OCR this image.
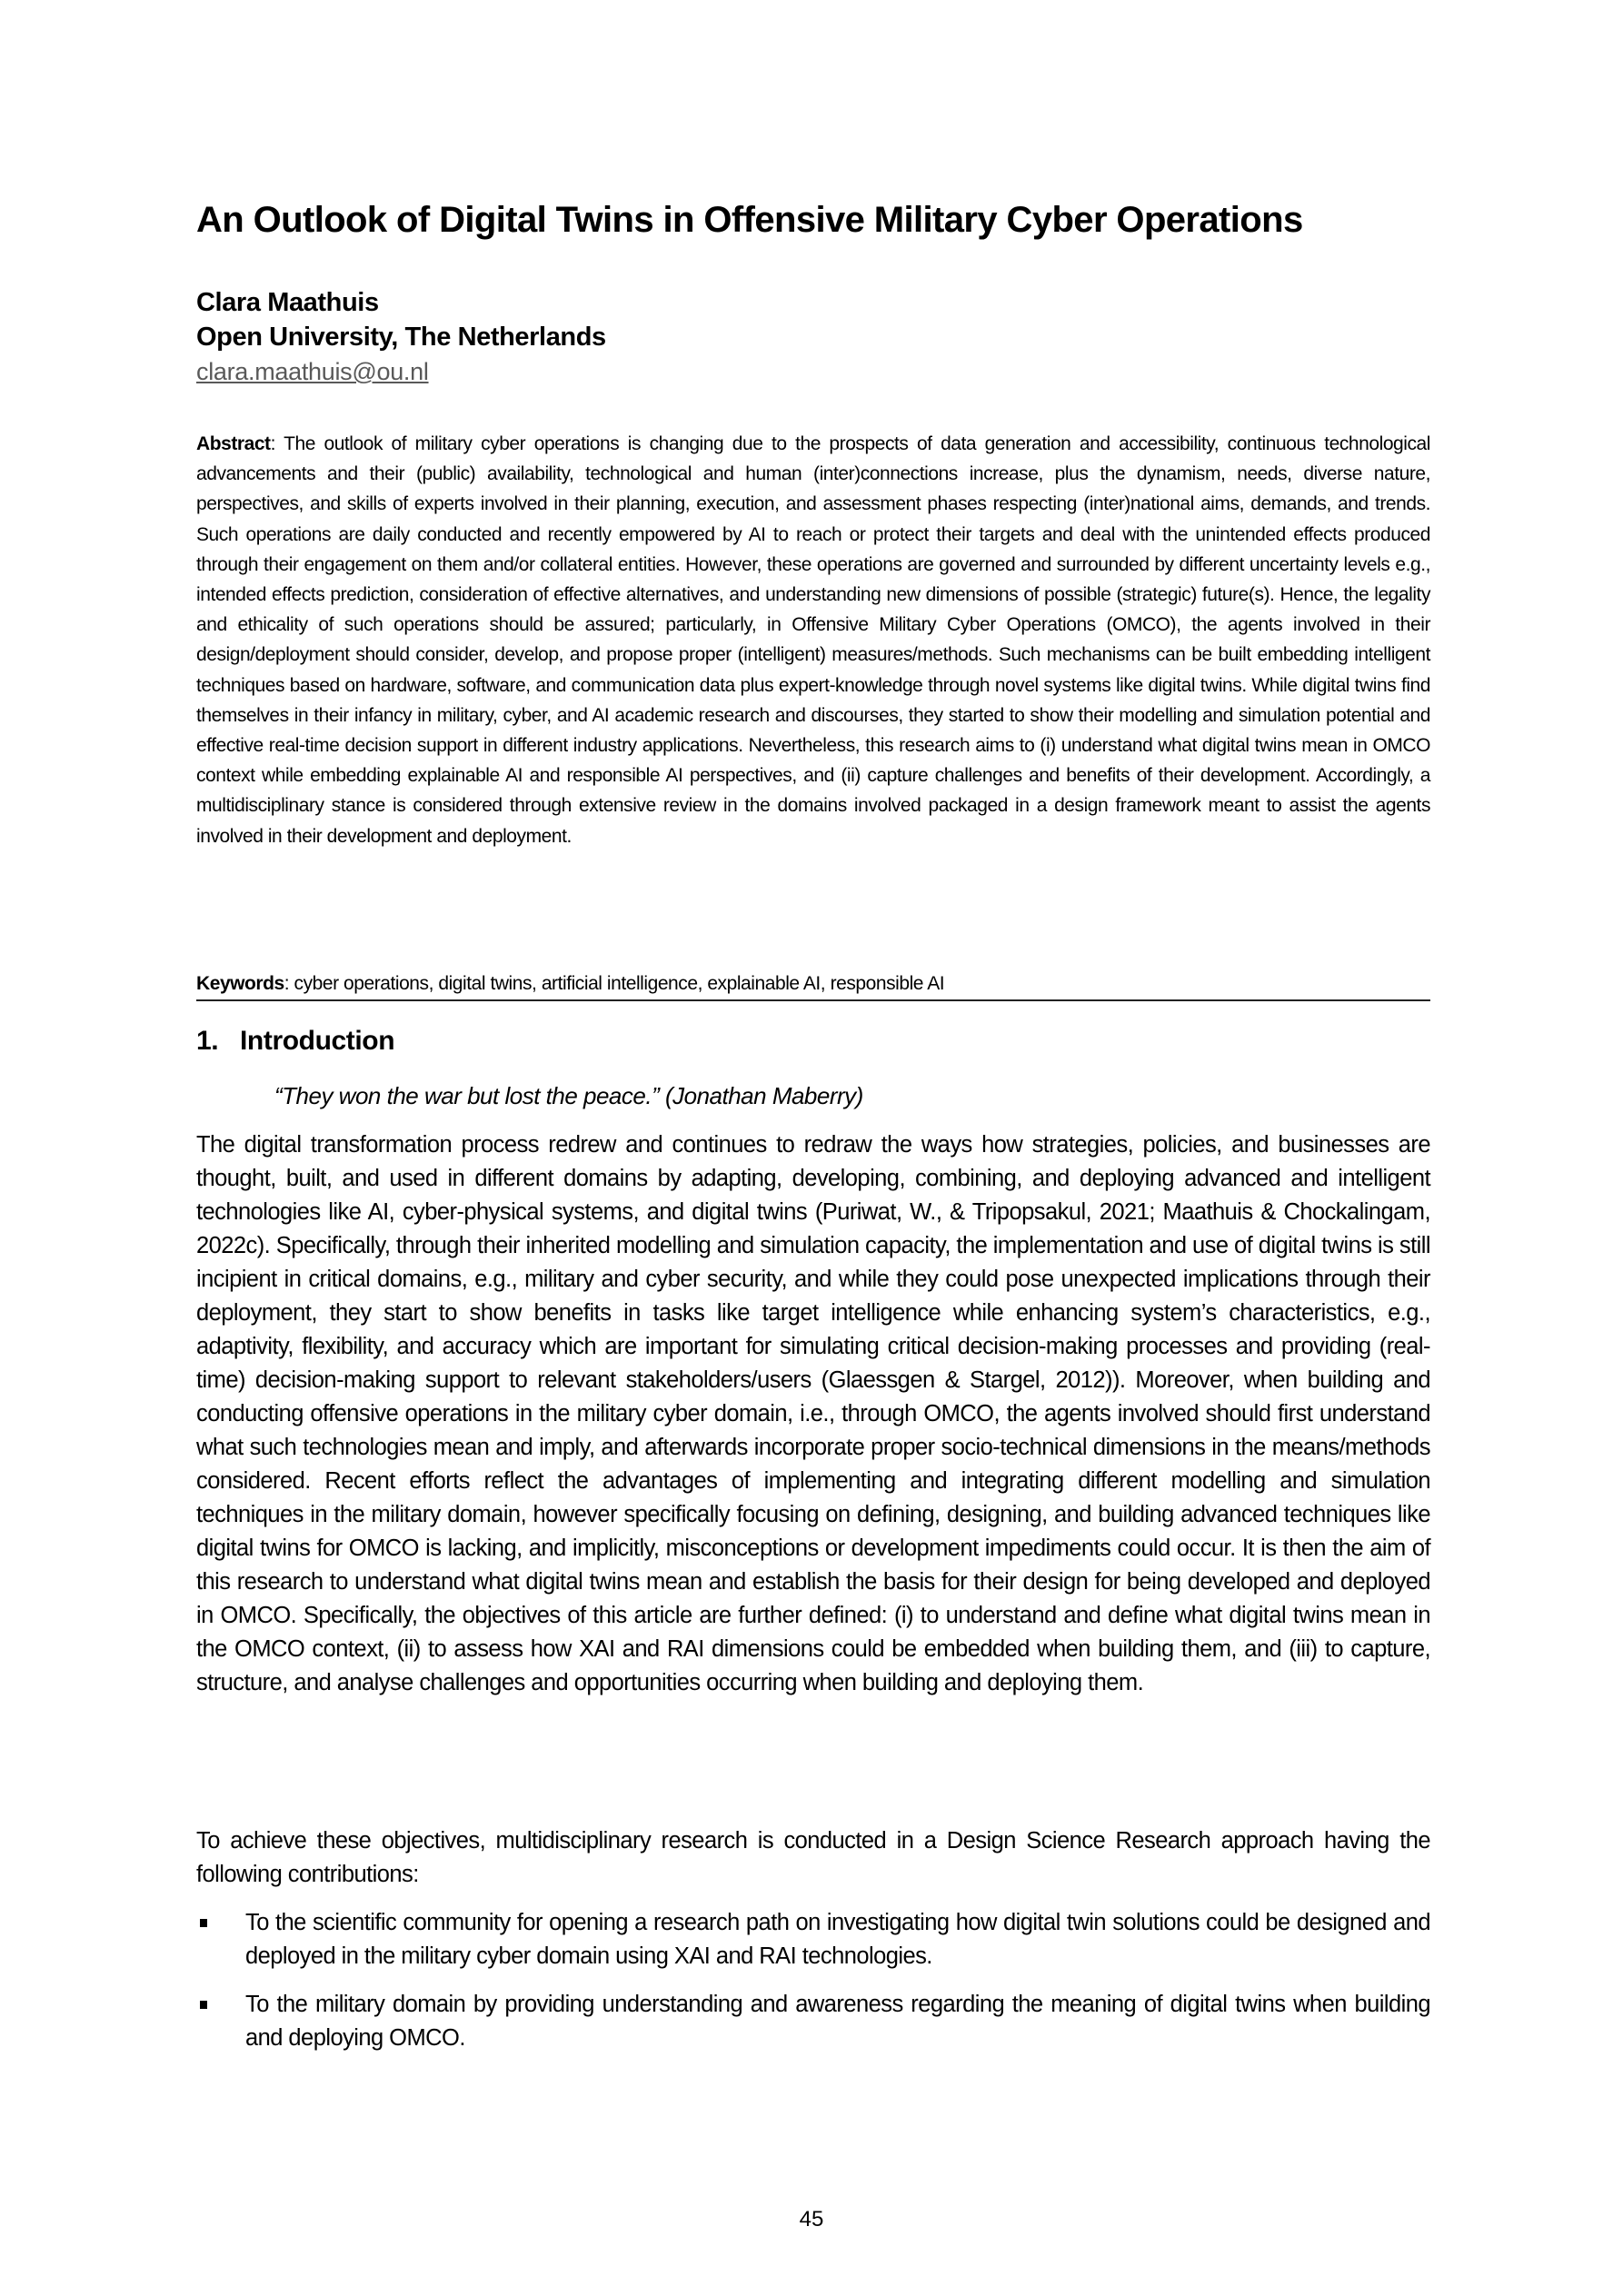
An Outlook of Digital Twins in Offensive Military Cyber Operations
Clara Maathuis
Open University, The Netherlands
clara.maathuis@ou.nl

Abstract: The outlook of military cyber operations is changing due to the prospects of data generation and accessibility, continuous technological advancements and their (public) availability, technological and human (inter)connections increase, plus the dynamism, needs, diverse nature, perspectives, and skills of experts involved in their planning, execution, and assessment phases respecting (inter)national aims, demands, and trends. Such operations are daily conducted and recently empowered by AI to reach or protect their targets and deal with the unintended effects produced through their engagement on them and/or collateral entities. However, these operations are governed and surrounded by different uncertainty levels e.g., intended effects prediction, consideration of effective alternatives, and understanding new dimensions of possible (strategic) future(s). Hence, the legality and ethicality of such operations should be assured; particularly, in Offensive Military Cyber Operations (OMCO), the agents involved in their design/deployment should consider, develop, and propose proper (intelligent) measures/methods. Such mechanisms can be built embedding intelligent techniques based on hardware, software, and communication data plus expert-knowledge through novel systems like digital twins. While digital twins find themselves in their infancy in military, cyber, and AI academic research and discourses, they started to show their modelling and simulation potential and effective real-time decision support in different industry applications. Nevertheless, this research aims to (i) understand what digital twins mean in OMCO context while embedding explainable AI and responsible AI perspectives, and (ii) capture challenges and benefits of their development. Accordingly, a multidisciplinary stance is considered through extensive review in the domains involved packaged in a design framework meant to assist the agents involved in their development and deployment.

Keywords: cyber operations, digital twins, artificial intelligence, explainable AI, responsible AI
1. Introduction
“They won the war but lost the peace.” (Jonathan Maberry)

The digital transformation process redrew and continues to redraw the ways how strategies, policies, and businesses are thought, built, and used in different domains by adapting, developing, combining, and deploying advanced and intelligent technologies like AI, cyber-physical systems, and digital twins (Puriwat, W., & Tripopsakul, 2021; Maathuis & Chockalingam, 2022c). Specifically, through their inherited modelling and simulation capacity, the implementation and use of digital twins is still incipient in critical domains, e.g., military and cyber security, and while they could pose unexpected implications through their deployment, they start to show benefits in tasks like target intelligence while enhancing system’s characteristics, e.g., adaptivity, flexibility, and accuracy which are important for simulating critical decision-making processes and providing (real-time) decision-making support to relevant stakeholders/users (Glaessgen & Stargel, 2012)). Moreover, when building and conducting offensive operations in the military cyber domain, i.e., through OMCO, the agents involved should first understand what such technologies mean and imply, and afterwards incorporate proper socio-technical dimensions in the means/methods considered. Recent efforts reflect the advantages of implementing and integrating different modelling and simulation techniques in the military domain, however specifically focusing on defining, designing, and building advanced techniques like digital twins for OMCO is lacking, and implicitly, misconceptions or development impediments could occur. It is then the aim of this research to understand what digital twins mean and establish the basis for their design for being developed and deployed in OMCO. Specifically, the objectives of this article are further defined: (i) to understand and define what digital twins mean in the OMCO context, (ii) to assess how XAI and RAI dimensions could be embedded when building them, and (iii) to capture, structure, and analyse challenges and opportunities occurring when building and deploying them.

To achieve these objectives, multidisciplinary research is conducted in a Design Science Research approach having the following contributions:

To the scientific community for opening a research path on investigating how digital twin solutions could be designed and deployed in the military cyber domain using XAI and RAI technologies.
To the military domain by providing understanding and awareness regarding the meaning of digital twins when building and deploying OMCO.
45
